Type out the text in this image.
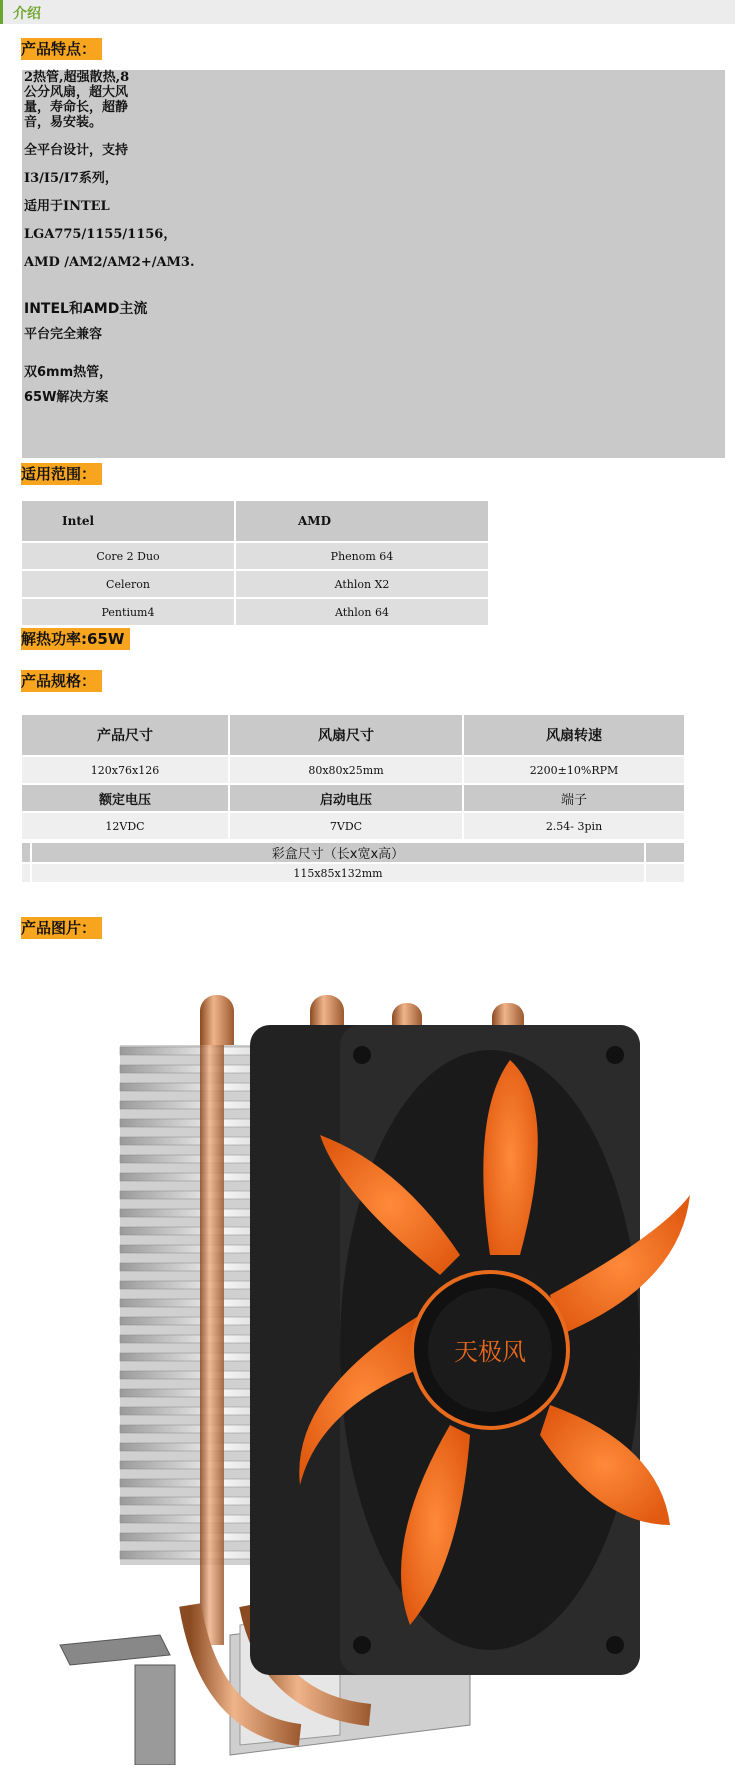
介绍
产品特点：
2热管,超强散热,8
公分风扇，超大风
量，寿命长，超静
音，易安装。
全平台设计，支持
I3/I5/I7系列，
适用于INTEL
LGA775/1155/1156，
AMD /AM2/AM2+/AM3.
INTEL和AMD主流
平台完全兼容
双6mm热管，
65W解决方案
适用范围：
Intel	AMD
Core 2 Duo	Phenom 64
Celeron	Athlon X2
Pentium4	Athlon 64
解热功率:65W
产品规格：
产品尺寸	风扇尺寸	风扇转速
120x76x126	80x80x25mm	2200±10%RPM
额定电压	启动电压	端子
12VDC	7VDC	2.54- 3pin
	彩盒尺寸（长x宽x高）	
	115x85x132mm	
产品图片：
天极风
